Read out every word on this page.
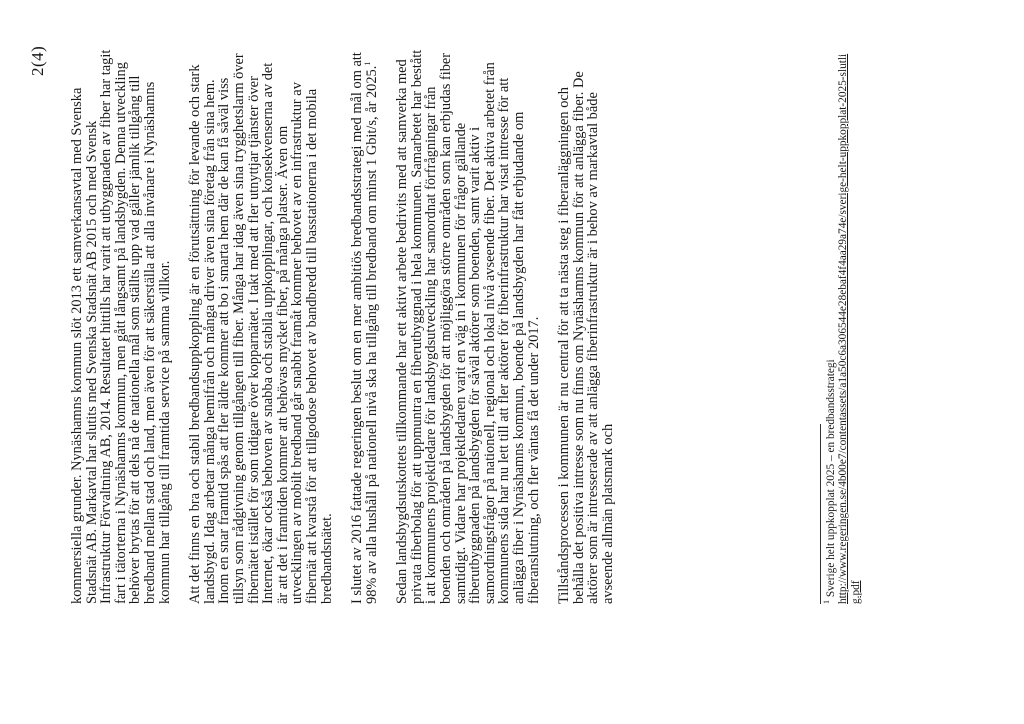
2(4)

kommersiella grunder. Nynäshamns kommun slöt 2013 ett samverkansavtal med Svenska Stadsnät AB. Markavtal har slutits med Svenska Stadsnät AB 2015 och med Svensk Infrastruktur Förvaltning AB, 2014. Resultatet hittills har varit att utbyggnaden av fiber har tagit fart i tätorterna i Nynäshamns kommun, men gått långsamt på landsbygden. Denna utveckling behöver brytas för att dels nå de nationella mål som ställts upp vad gäller jämlik tillgång till bredband mellan stad och land, men även för att säkerställa att alla invånare i Nynäshamns kommun har tillgång till framtida service på samma villkor. Att det finns en bra och stabil bredbandsuppkoppling är en förutsättning för levande och stark landsbygd. Idag arbetar många hemifrån och många driver även sina företag från sina hem. Inom en snar framtid spås att fler äldre kommer att bo i smarta hem där de kan få såväl viss tillsyn som rådgivning genom tillgången till fiber. Många har idag även sina trygghetslarm över fibernätet istället för som tidigare över kopparnätet. I takt med att fler utnyttjar tjänster över Internet, ökar också behoven av snabba och stabila uppkopplingar, och konsekvenserna av det är att det i framtiden kommer att behövas mycket fiber, på många platser. Även om utvecklingen av mobilt bredband går snabbt framåt kommer behovet av en infrastruktur av fibernät att kvarstå för att tillgodose behovet av bandbredd till basstationerna i det mobila bredbandsnätet. I slutet av 2016 fattade regeringen beslut om en mer ambitiös bredbandsstrategi med mål om att 98% av alla hushåll på nationell nivå ska ha tillgång till bredband om minst 1 Gbit/s, år 2025.$^1$	Sedan landsbygdsutskottets tillkommande har ett aktivt arbete bedrivits med att samverka med privata fiberbolag för att uppmuntra en fiberutbyggnad i hela kommunen. Samarbetet har bestått i att kommunens projektledare för landsbygdsutveckling har samordnat förfrågningar från boenden och områden på landsbygden för att möjliggöra större områden som kan erbjudas fiber samtidigt. Vidare har projektledaren varit en väg in i kommunen för frågor gällande fiberutbyggnaden på landsbygden för såväl aktörer som boenden, samt varit aktiv i samordningsfrågor på nationell, regional och lokal nivå avseende fiber. Det aktiva arbetet från kommunens sida har nu lett till att fler aktörer för fiberinfrastruktur har visat intresse för att anlägga fiber i Nynäshamns kommun, boende på landsbygden har fått erbjudande om fiberanslutning, och fler väntas få det under 2017. Tillståndsprocessen i kommunen är nu central för att ta nästa steg i fiberanläggningen och behålla det positiva intresse som nu finns om Nynäshamns kommun för att anlägga fiber. De aktörer som är intresserade av att anlägga fiberinfrastruktur är i behov av markavtal både avseende allmän platsmark och	$^1$ Sverige helt uppkopplat 2025 – en bredbandsstrategi
http://www.regeringen.se/4b00e7/contentassets/a1a50c6a306544e28ebaf4f4aa29a74e/sverige-helt-uppkopplat-2025-slutlig.pdf
